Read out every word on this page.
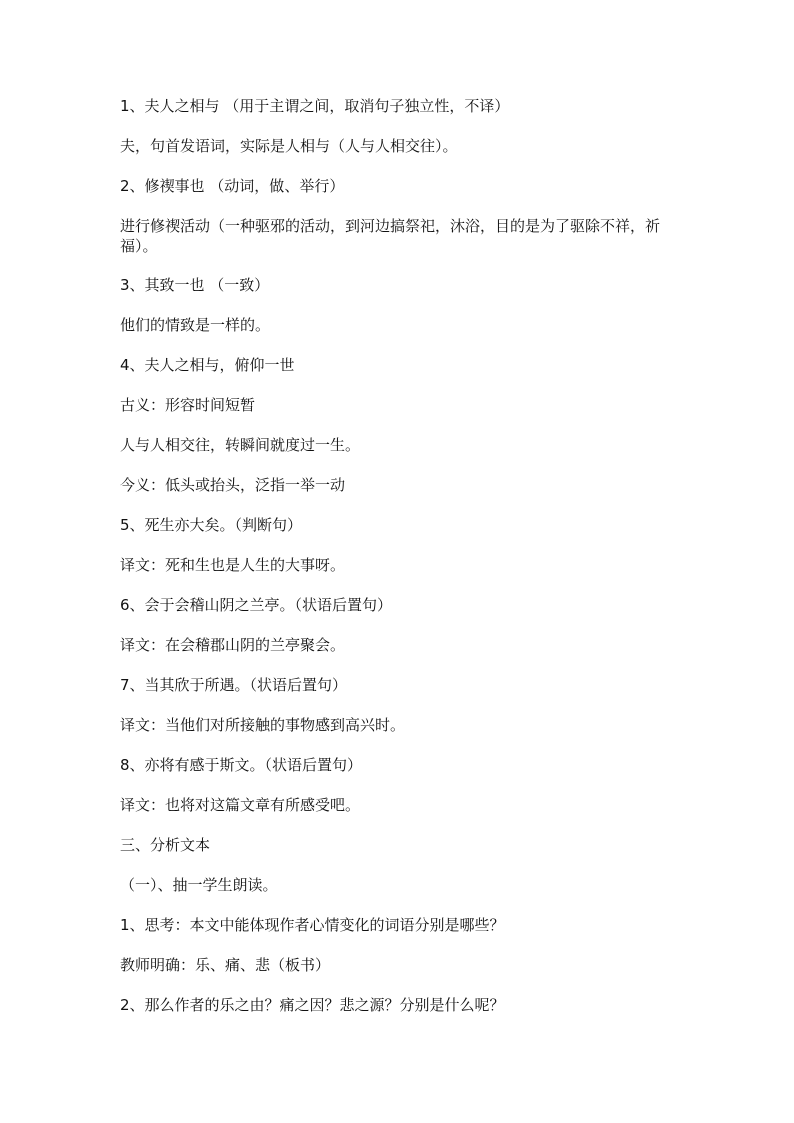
1、夫人之相与 （用于主谓之间，取消句子独立性，不译）

夫，句首发语词，实际是人相与（人与人相交往）。

2、修禊事也 （动词，做、举行）

进行修禊活动（一种驱邪的活动，到河边搞祭祀，沐浴，目的是为了驱除不祥，祈福）。

3、其致一也 （一致）

他们的情致是一样的。

4、夫人之相与，俯仰一世

古义：形容时间短暂

人与人相交往，转瞬间就度过一生。

今义：低头或抬头，泛指一举一动

5、死生亦大矣。（判断句）

译文：死和生也是人生的大事呀。

6、会于会稽山阴之兰亭。（状语后置句）

译文：在会稽郡山阴的兰亭聚会。

7、当其欣于所遇。（状语后置句）

译文：当他们对所接触的事物感到高兴时。

8、亦将有感于斯文。（状语后置句）

译文：也将对这篇文章有所感受吧。

三、分析文本

（一）、抽一学生朗读。

1、思考：本文中能体现作者心情变化的词语分别是哪些？

教师明确：乐、痛、悲（板书）

2、那么作者的乐之由？痛之因？悲之源？分别是什么呢？
